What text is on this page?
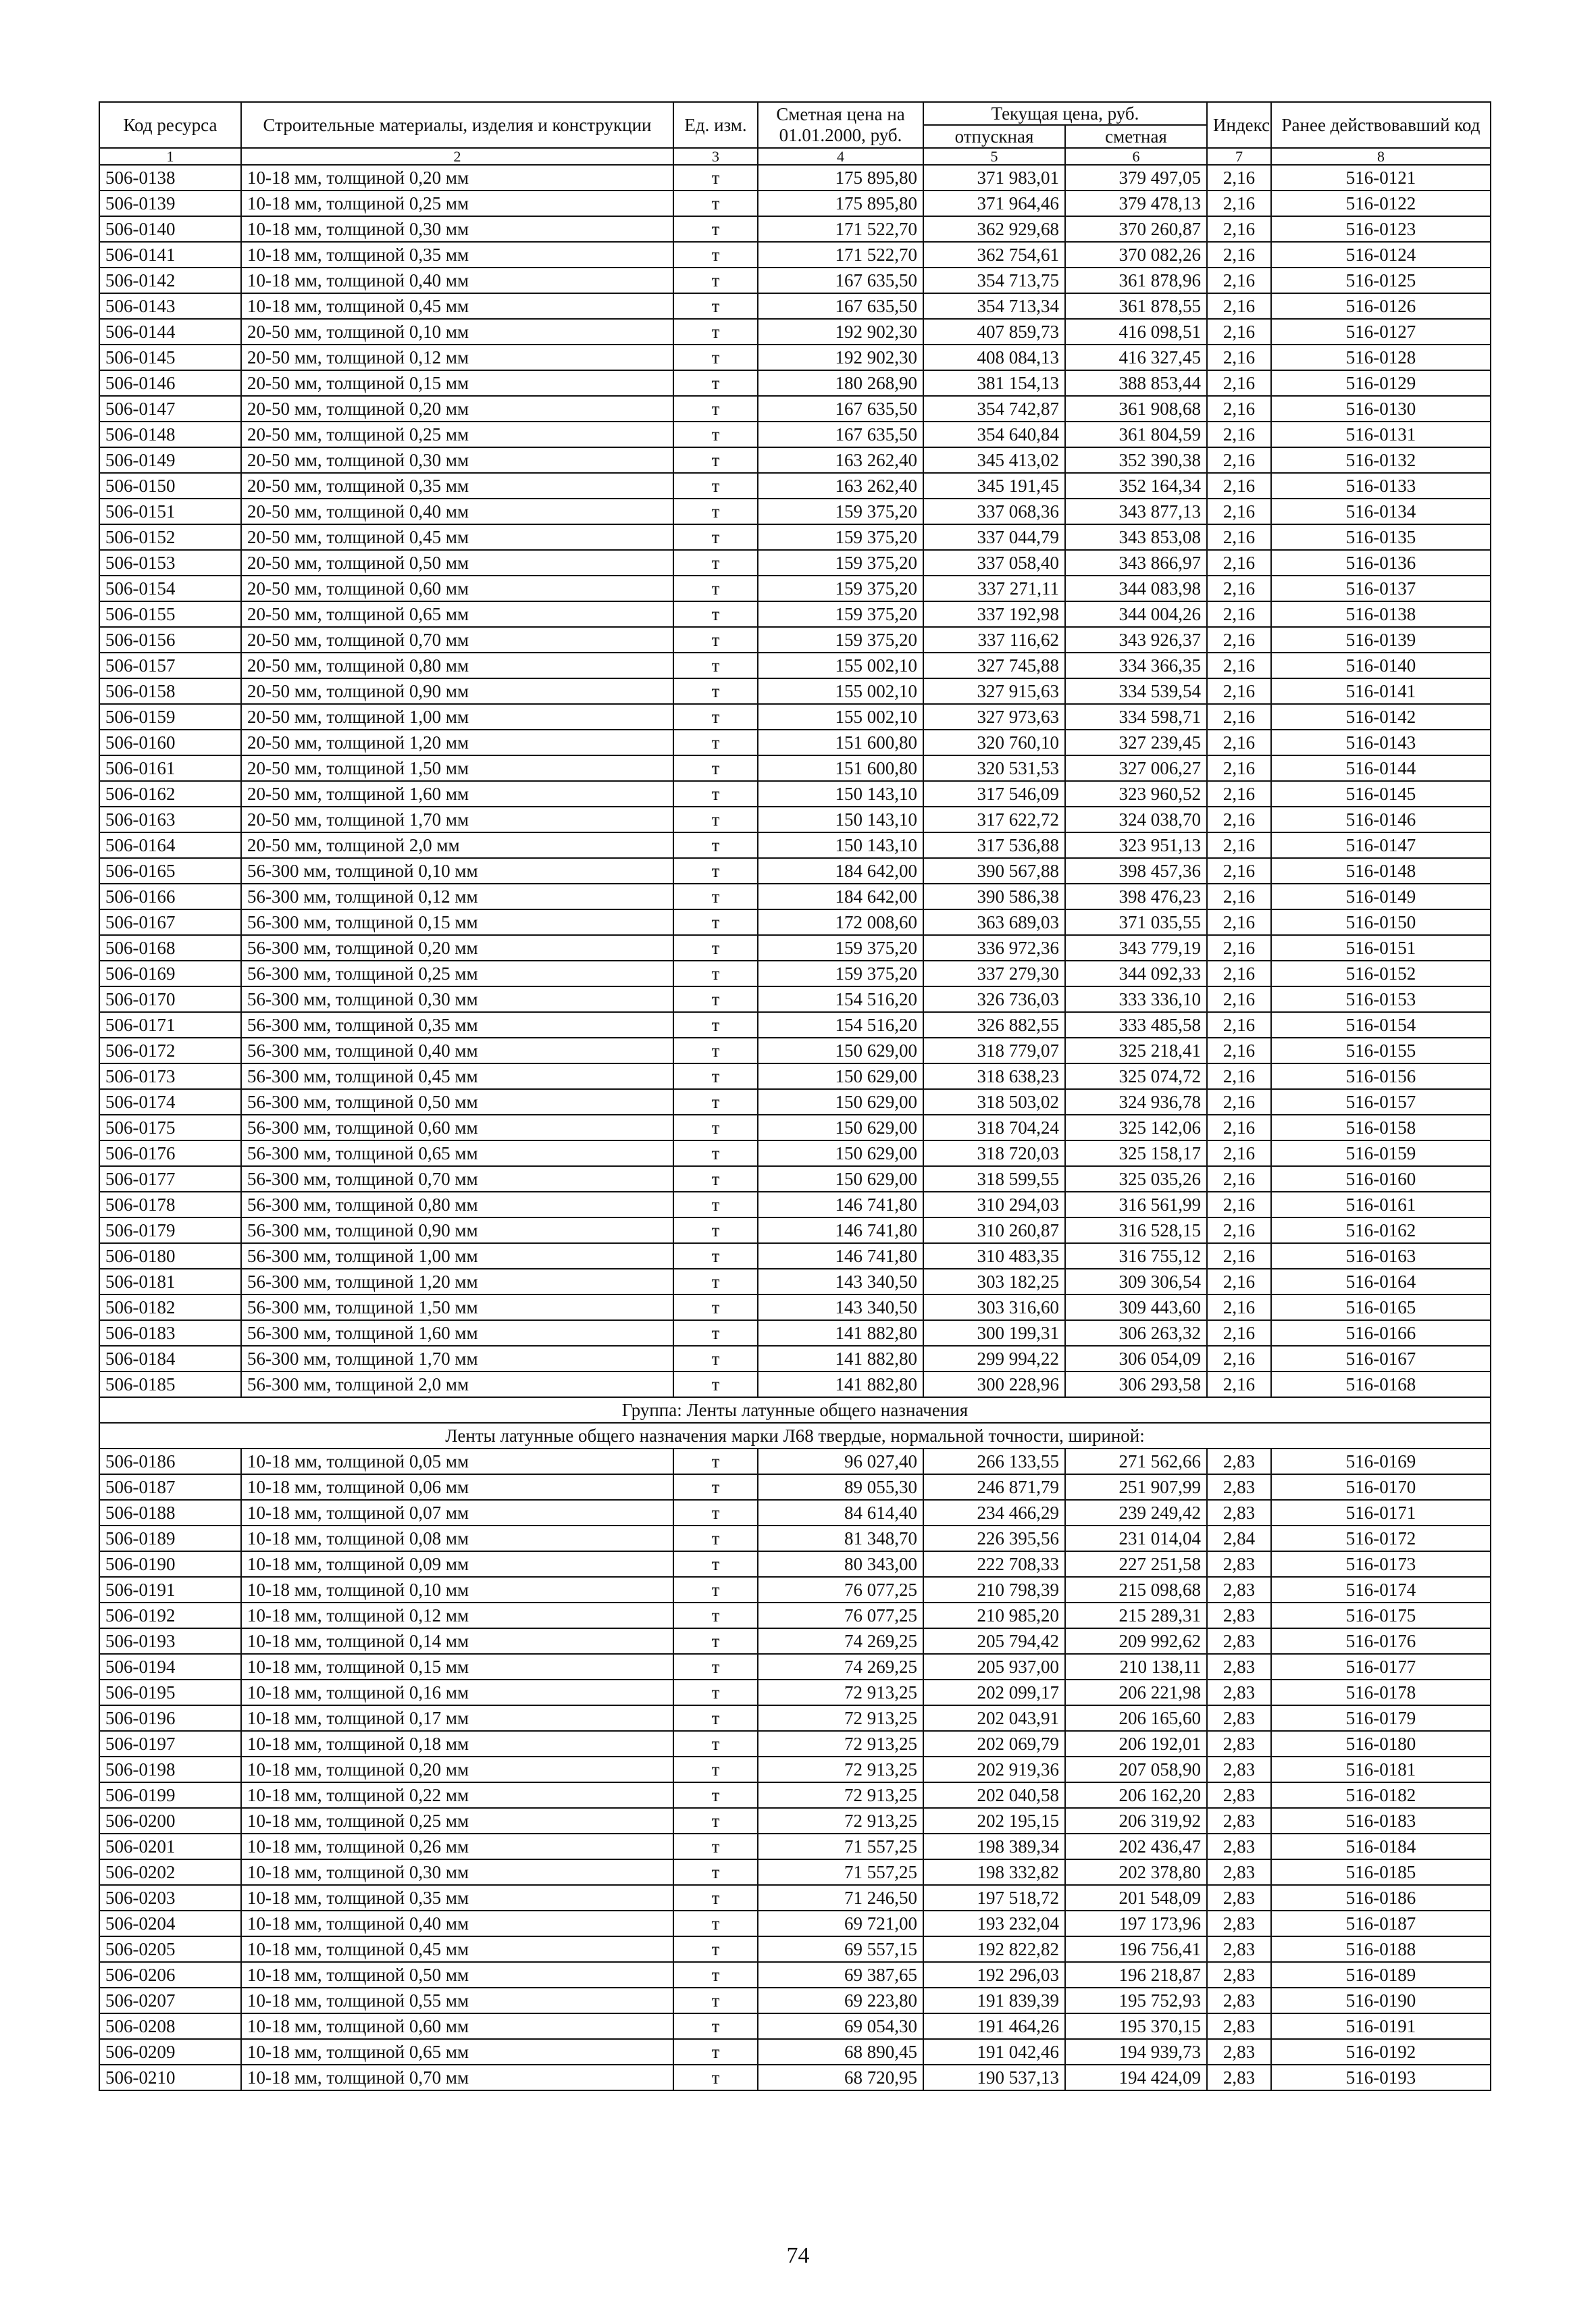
Код ресурса	Строительные материалы, изделия и конструкции	Ед. изм.	Сметная цена на 01.01.2000, руб.	Текущая цена, руб.		Индекс	Ранее действовавший код
				отпускная	сметная		
1	2	3	4	5	6	7	8
506-0138	10-18 мм, толщиной 0,20 мм	т	175 895,80	371 983,01	379 497,05	2,16	516-0121
506-0139	10-18 мм, толщиной 0,25 мм	т	175 895,80	371 964,46	379 478,13	2,16	516-0122
506-0140	10-18 мм, толщиной 0,30 мм	т	171 522,70	362 929,68	370 260,87	2,16	516-0123
506-0141	10-18 мм, толщиной 0,35 мм	т	171 522,70	362 754,61	370 082,26	2,16	516-0124
506-0142	10-18 мм, толщиной 0,40 мм	т	167 635,50	354 713,75	361 878,96	2,16	516-0125
506-0143	10-18 мм, толщиной 0,45 мм	т	167 635,50	354 713,34	361 878,55	2,16	516-0126
506-0144	20-50 мм, толщиной 0,10 мм	т	192 902,30	407 859,73	416 098,51	2,16	516-0127
506-0145	20-50 мм, толщиной 0,12 мм	т	192 902,30	408 084,13	416 327,45	2,16	516-0128
506-0146	20-50 мм, толщиной 0,15 мм	т	180 268,90	381 154,13	388 853,44	2,16	516-0129
506-0147	20-50 мм, толщиной 0,20 мм	т	167 635,50	354 742,87	361 908,68	2,16	516-0130
506-0148	20-50 мм, толщиной 0,25 мм	т	167 635,50	354 640,84	361 804,59	2,16	516-0131
506-0149	20-50 мм, толщиной 0,30 мм	т	163 262,40	345 413,02	352 390,38	2,16	516-0132
506-0150	20-50 мм, толщиной 0,35 мм	т	163 262,40	345 191,45	352 164,34	2,16	516-0133
506-0151	20-50 мм, толщиной 0,40 мм	т	159 375,20	337 068,36	343 877,13	2,16	516-0134
506-0152	20-50 мм, толщиной 0,45 мм	т	159 375,20	337 044,79	343 853,08	2,16	516-0135
506-0153	20-50 мм, толщиной 0,50 мм	т	159 375,20	337 058,40	343 866,97	2,16	516-0136
506-0154	20-50 мм, толщиной 0,60 мм	т	159 375,20	337 271,11	344 083,98	2,16	516-0137
506-0155	20-50 мм, толщиной 0,65 мм	т	159 375,20	337 192,98	344 004,26	2,16	516-0138
506-0156	20-50 мм, толщиной 0,70 мм	т	159 375,20	337 116,62	343 926,37	2,16	516-0139
506-0157	20-50 мм, толщиной 0,80 мм	т	155 002,10	327 745,88	334 366,35	2,16	516-0140
506-0158	20-50 мм, толщиной 0,90 мм	т	155 002,10	327 915,63	334 539,54	2,16	516-0141
506-0159	20-50 мм, толщиной 1,00 мм	т	155 002,10	327 973,63	334 598,71	2,16	516-0142
506-0160	20-50 мм, толщиной 1,20 мм	т	151 600,80	320 760,10	327 239,45	2,16	516-0143
506-0161	20-50 мм, толщиной 1,50 мм	т	151 600,80	320 531,53	327 006,27	2,16	516-0144
506-0162	20-50 мм, толщиной 1,60 мм	т	150 143,10	317 546,09	323 960,52	2,16	516-0145
506-0163	20-50 мм, толщиной 1,70 мм	т	150 143,10	317 622,72	324 038,70	2,16	516-0146
506-0164	20-50 мм, толщиной 2,0 мм	т	150 143,10	317 536,88	323 951,13	2,16	516-0147
506-0165	56-300 мм, толщиной 0,10 мм	т	184 642,00	390 567,88	398 457,36	2,16	516-0148
506-0166	56-300 мм, толщиной 0,12 мм	т	184 642,00	390 586,38	398 476,23	2,16	516-0149
506-0167	56-300 мм, толщиной 0,15 мм	т	172 008,60	363 689,03	371 035,55	2,16	516-0150
506-0168	56-300 мм, толщиной 0,20 мм	т	159 375,20	336 972,36	343 779,19	2,16	516-0151
506-0169	56-300 мм, толщиной 0,25 мм	т	159 375,20	337 279,30	344 092,33	2,16	516-0152
506-0170	56-300 мм, толщиной 0,30 мм	т	154 516,20	326 736,03	333 336,10	2,16	516-0153
506-0171	56-300 мм, толщиной 0,35 мм	т	154 516,20	326 882,55	333 485,58	2,16	516-0154
506-0172	56-300 мм, толщиной 0,40 мм	т	150 629,00	318 779,07	325 218,41	2,16	516-0155
506-0173	56-300 мм, толщиной 0,45 мм	т	150 629,00	318 638,23	325 074,72	2,16	516-0156
506-0174	56-300 мм, толщиной 0,50 мм	т	150 629,00	318 503,02	324 936,78	2,16	516-0157
506-0175	56-300 мм, толщиной 0,60 мм	т	150 629,00	318 704,24	325 142,06	2,16	516-0158
506-0176	56-300 мм, толщиной 0,65 мм	т	150 629,00	318 720,03	325 158,17	2,16	516-0159
506-0177	56-300 мм, толщиной 0,70 мм	т	150 629,00	318 599,55	325 035,26	2,16	516-0160
506-0178	56-300 мм, толщиной 0,80 мм	т	146 741,80	310 294,03	316 561,99	2,16	516-0161
506-0179	56-300 мм, толщиной 0,90 мм	т	146 741,80	310 260,87	316 528,15	2,16	516-0162
506-0180	56-300 мм, толщиной 1,00 мм	т	146 741,80	310 483,35	316 755,12	2,16	516-0163
506-0181	56-300 мм, толщиной 1,20 мм	т	143 340,50	303 182,25	309 306,54	2,16	516-0164
506-0182	56-300 мм, толщиной 1,50 мм	т	143 340,50	303 316,60	309 443,60	2,16	516-0165
506-0183	56-300 мм, толщиной 1,60 мм	т	141 882,80	300 199,31	306 263,32	2,16	516-0166
506-0184	56-300 мм, толщиной 1,70 мм	т	141 882,80	299 994,22	306 054,09	2,16	516-0167
506-0185	56-300 мм, толщиной 2,0 мм	т	141 882,80	300 228,96	306 293,58	2,16	516-0168
Группа: Ленты латунные общего назначения							
Ленты латунные общего назначения марки Л68 твердые, нормальной точности, шириной:							
506-0186	10-18 мм, толщиной 0,05 мм	т	96 027,40	266 133,55	271 562,66	2,83	516-0169
506-0187	10-18 мм, толщиной 0,06 мм	т	89 055,30	246 871,79	251 907,99	2,83	516-0170
506-0188	10-18 мм, толщиной 0,07 мм	т	84 614,40	234 466,29	239 249,42	2,83	516-0171
506-0189	10-18 мм, толщиной 0,08 мм	т	81 348,70	226 395,56	231 014,04	2,84	516-0172
506-0190	10-18 мм, толщиной 0,09 мм	т	80 343,00	222 708,33	227 251,58	2,83	516-0173
506-0191	10-18 мм, толщиной 0,10 мм	т	76 077,25	210 798,39	215 098,68	2,83	516-0174
506-0192	10-18 мм, толщиной 0,12 мм	т	76 077,25	210 985,20	215 289,31	2,83	516-0175
506-0193	10-18 мм, толщиной 0,14 мм	т	74 269,25	205 794,42	209 992,62	2,83	516-0176
506-0194	10-18 мм, толщиной 0,15 мм	т	74 269,25	205 937,00	210 138,11	2,83	516-0177
506-0195	10-18 мм, толщиной 0,16 мм	т	72 913,25	202 099,17	206 221,98	2,83	516-0178
506-0196	10-18 мм, толщиной 0,17 мм	т	72 913,25	202 043,91	206 165,60	2,83	516-0179
506-0197	10-18 мм, толщиной 0,18 мм	т	72 913,25	202 069,79	206 192,01	2,83	516-0180
506-0198	10-18 мм, толщиной 0,20 мм	т	72 913,25	202 919,36	207 058,90	2,83	516-0181
506-0199	10-18 мм, толщиной 0,22 мм	т	72 913,25	202 040,58	206 162,20	2,83	516-0182
506-0200	10-18 мм, толщиной 0,25 мм	т	72 913,25	202 195,15	206 319,92	2,83	516-0183
506-0201	10-18 мм, толщиной 0,26 мм	т	71 557,25	198 389,34	202 436,47	2,83	516-0184
506-0202	10-18 мм, толщиной 0,30 мм	т	71 557,25	198 332,82	202 378,80	2,83	516-0185
506-0203	10-18 мм, толщиной 0,35 мм	т	71 246,50	197 518,72	201 548,09	2,83	516-0186
506-0204	10-18 мм, толщиной 0,40 мм	т	69 721,00	193 232,04	197 173,96	2,83	516-0187
506-0205	10-18 мм, толщиной 0,45 мм	т	69 557,15	192 822,82	196 756,41	2,83	516-0188
506-0206	10-18 мм, толщиной 0,50 мм	т	69 387,65	192 296,03	196 218,87	2,83	516-0189
506-0207	10-18 мм, толщиной 0,55 мм	т	69 223,80	191 839,39	195 752,93	2,83	516-0190
506-0208	10-18 мм, толщиной 0,60 мм	т	69 054,30	191 464,26	195 370,15	2,83	516-0191
506-0209	10-18 мм, толщиной 0,65 мм	т	68 890,45	191 042,46	194 939,73	2,83	516-0192
506-0210	10-18 мм, толщиной 0,70 мм	т	68 720,95	190 537,13	194 424,09	2,83	516-0193
74
